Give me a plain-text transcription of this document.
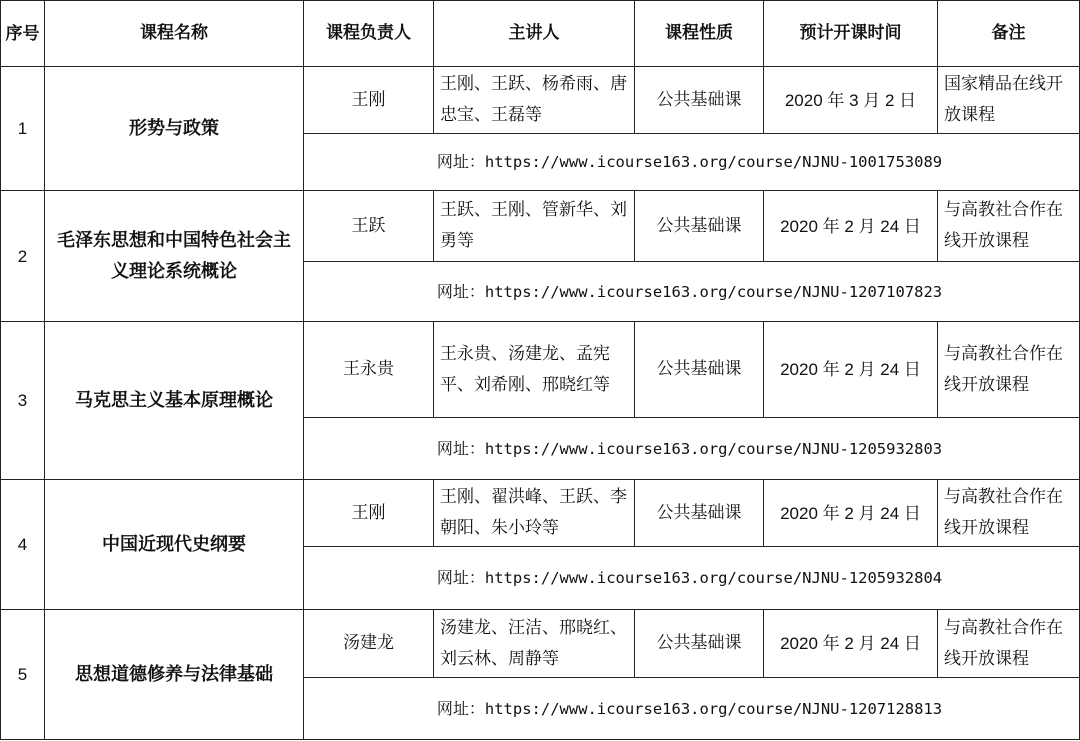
序号	课程名称	课程负责人	主讲人	课程性质	预计开课时间	备注
1	形势与政策	王刚	王刚、王跃、杨希雨、唐忠宝、王磊等	公共基础课	2020 年 3 月 2 日	国家精品在线开放课程
		网址：https://www.icourse163.org/course/NJNU-1001753089				
2	毛泽东思想和中国特色社会主义理论系统概论	王跃	王跃、王刚、管新华、刘勇等	公共基础课	2020 年 2 月 24 日	与高教社合作在线开放课程
		网址：https://www.icourse163.org/course/NJNU-1207107823				
3	马克思主义基本原理概论	王永贵	王永贵、汤建龙、孟宪平、刘希刚、邢晓红等	公共基础课	2020 年 2 月 24 日	与高教社合作在线开放课程
		网址：https://www.icourse163.org/course/NJNU-1205932803				
4	中国近现代史纲要	王刚	王刚、翟洪峰、王跃、李朝阳、朱小玲等	公共基础课	2020 年 2 月 24 日	与高教社合作在线开放课程
		网址：https://www.icourse163.org/course/NJNU-1205932804				
5	思想道德修养与法律基础	汤建龙	汤建龙、汪洁、邢晓红、刘云林、周静等	公共基础课	2020 年 2 月 24 日	与高教社合作在线开放课程
		网址：https://www.icourse163.org/course/NJNU-1207128813				
